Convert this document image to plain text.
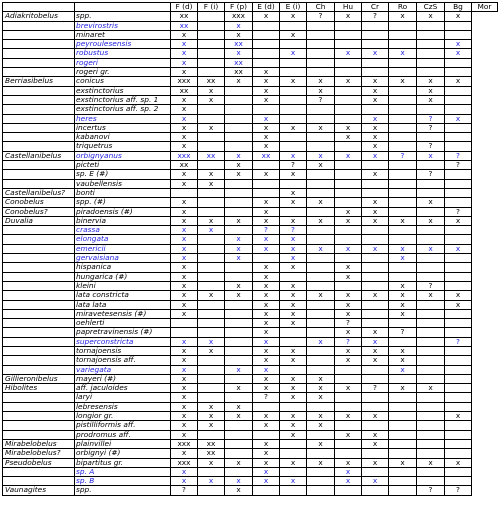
		F (d)	F (i)	F (p)	E (d)	E (i)	Ch	Hu	Cr	Ro	CzS	Bg	Mor
Adiakritobelus	spp.	xx		xxx	x	x	?	x	?	x	x	x	
	brevirostris	xx		x									
	minaret	x		x		x							
	peyroulesensis	x		xx								x	
	robustus	x		x		x		x	x	x		x	
	rogeri	x		xx									
	rogeri gr.	x		xx	x								
Berriasibelus	conicus	xxx	xx	x	x	x	x	x	x	x	x	x	
	exstinctorius	xx	x		x		x		x		x		
	exstinctorius aff. sp. 1	x	x		x		?		x		x		
	exstinctorius aff. sp. 2	x											
	heres	x			x				x		?	x	
	incertus	x	x		x	x	x	x	x		?		
	kabanovi	x			x			x	x				
	triquetrus	x			x				x		?		
Castellanibelus	orbignyanus	xxx	xx	x	xx	x	x	x	x	?	x	?	
	picteti	xx		x		?	x					?	
	sp. E (#)	x	x	x	x	x			x		?		
	vaubellensis	x	x										
Castellanibelus?	bonti					x							
Conobelus	spp. (#)	x			x	x	x		x		x		
Conobelus?	piradoensis (#)	x			x			x	x			?	
Duvalia	binervia	x	x	x	x	x	x	x	x	x	x	x	
	crassa	x	x		?	?							
	elongata	x		x	x	x							
	emericii	x		x	x	x	x	x	x	x	x	x	
	gervaisiana	x		x		x				x			
	hispanica	x			x	x		x					
	hungarica (#)	x			x			x					
	kleini	x		x	x	x				x	?		
	lata constricta	x	x	x	x	x	x	x	x	x	x	x	
	lata lata	x			x	x		x		x		x	
	miravetesensis (#)	x			x	x		x		x			
	oehlerti				x	x		?					
	papretravinensis (#)				x			x	x	?			
	superconstricta	x	x		x		x	?	x			?	
	tornajoensis	x	x		x	x		x	x	x			
	tornajoensis aff.	x			x	x		x	x	x			
	variegata	x		x	x					x			
Gillieronibelus	mayeri (#)	x			x	x	x						
Hibolites	aff. jaculoides	x		x	x	x	x	x	?	x	x		
	laryi	x			?	x	x						
	lebresensis	x	x	x									
	longior gr.	x	x	x	x	x	x	x	x			x	
	pistilliformis aff.	x	x		x	x	x						
	prodromus aff.	x				x		x	x				
Mirabelobelus	plainvillei	xxx	xx		x		x		x				
Mirabelobelus?	orbignyi (#)	x	xx		x								
Pseudobelus	bipartitus gr.	xxx	x	x	x	x	x	x	x	x	x	x	
	sp. A	x			x			x					
	sp. B	x	x	x	x	x		x	x				
Vaunagites	spp.	?		x							?	?	
